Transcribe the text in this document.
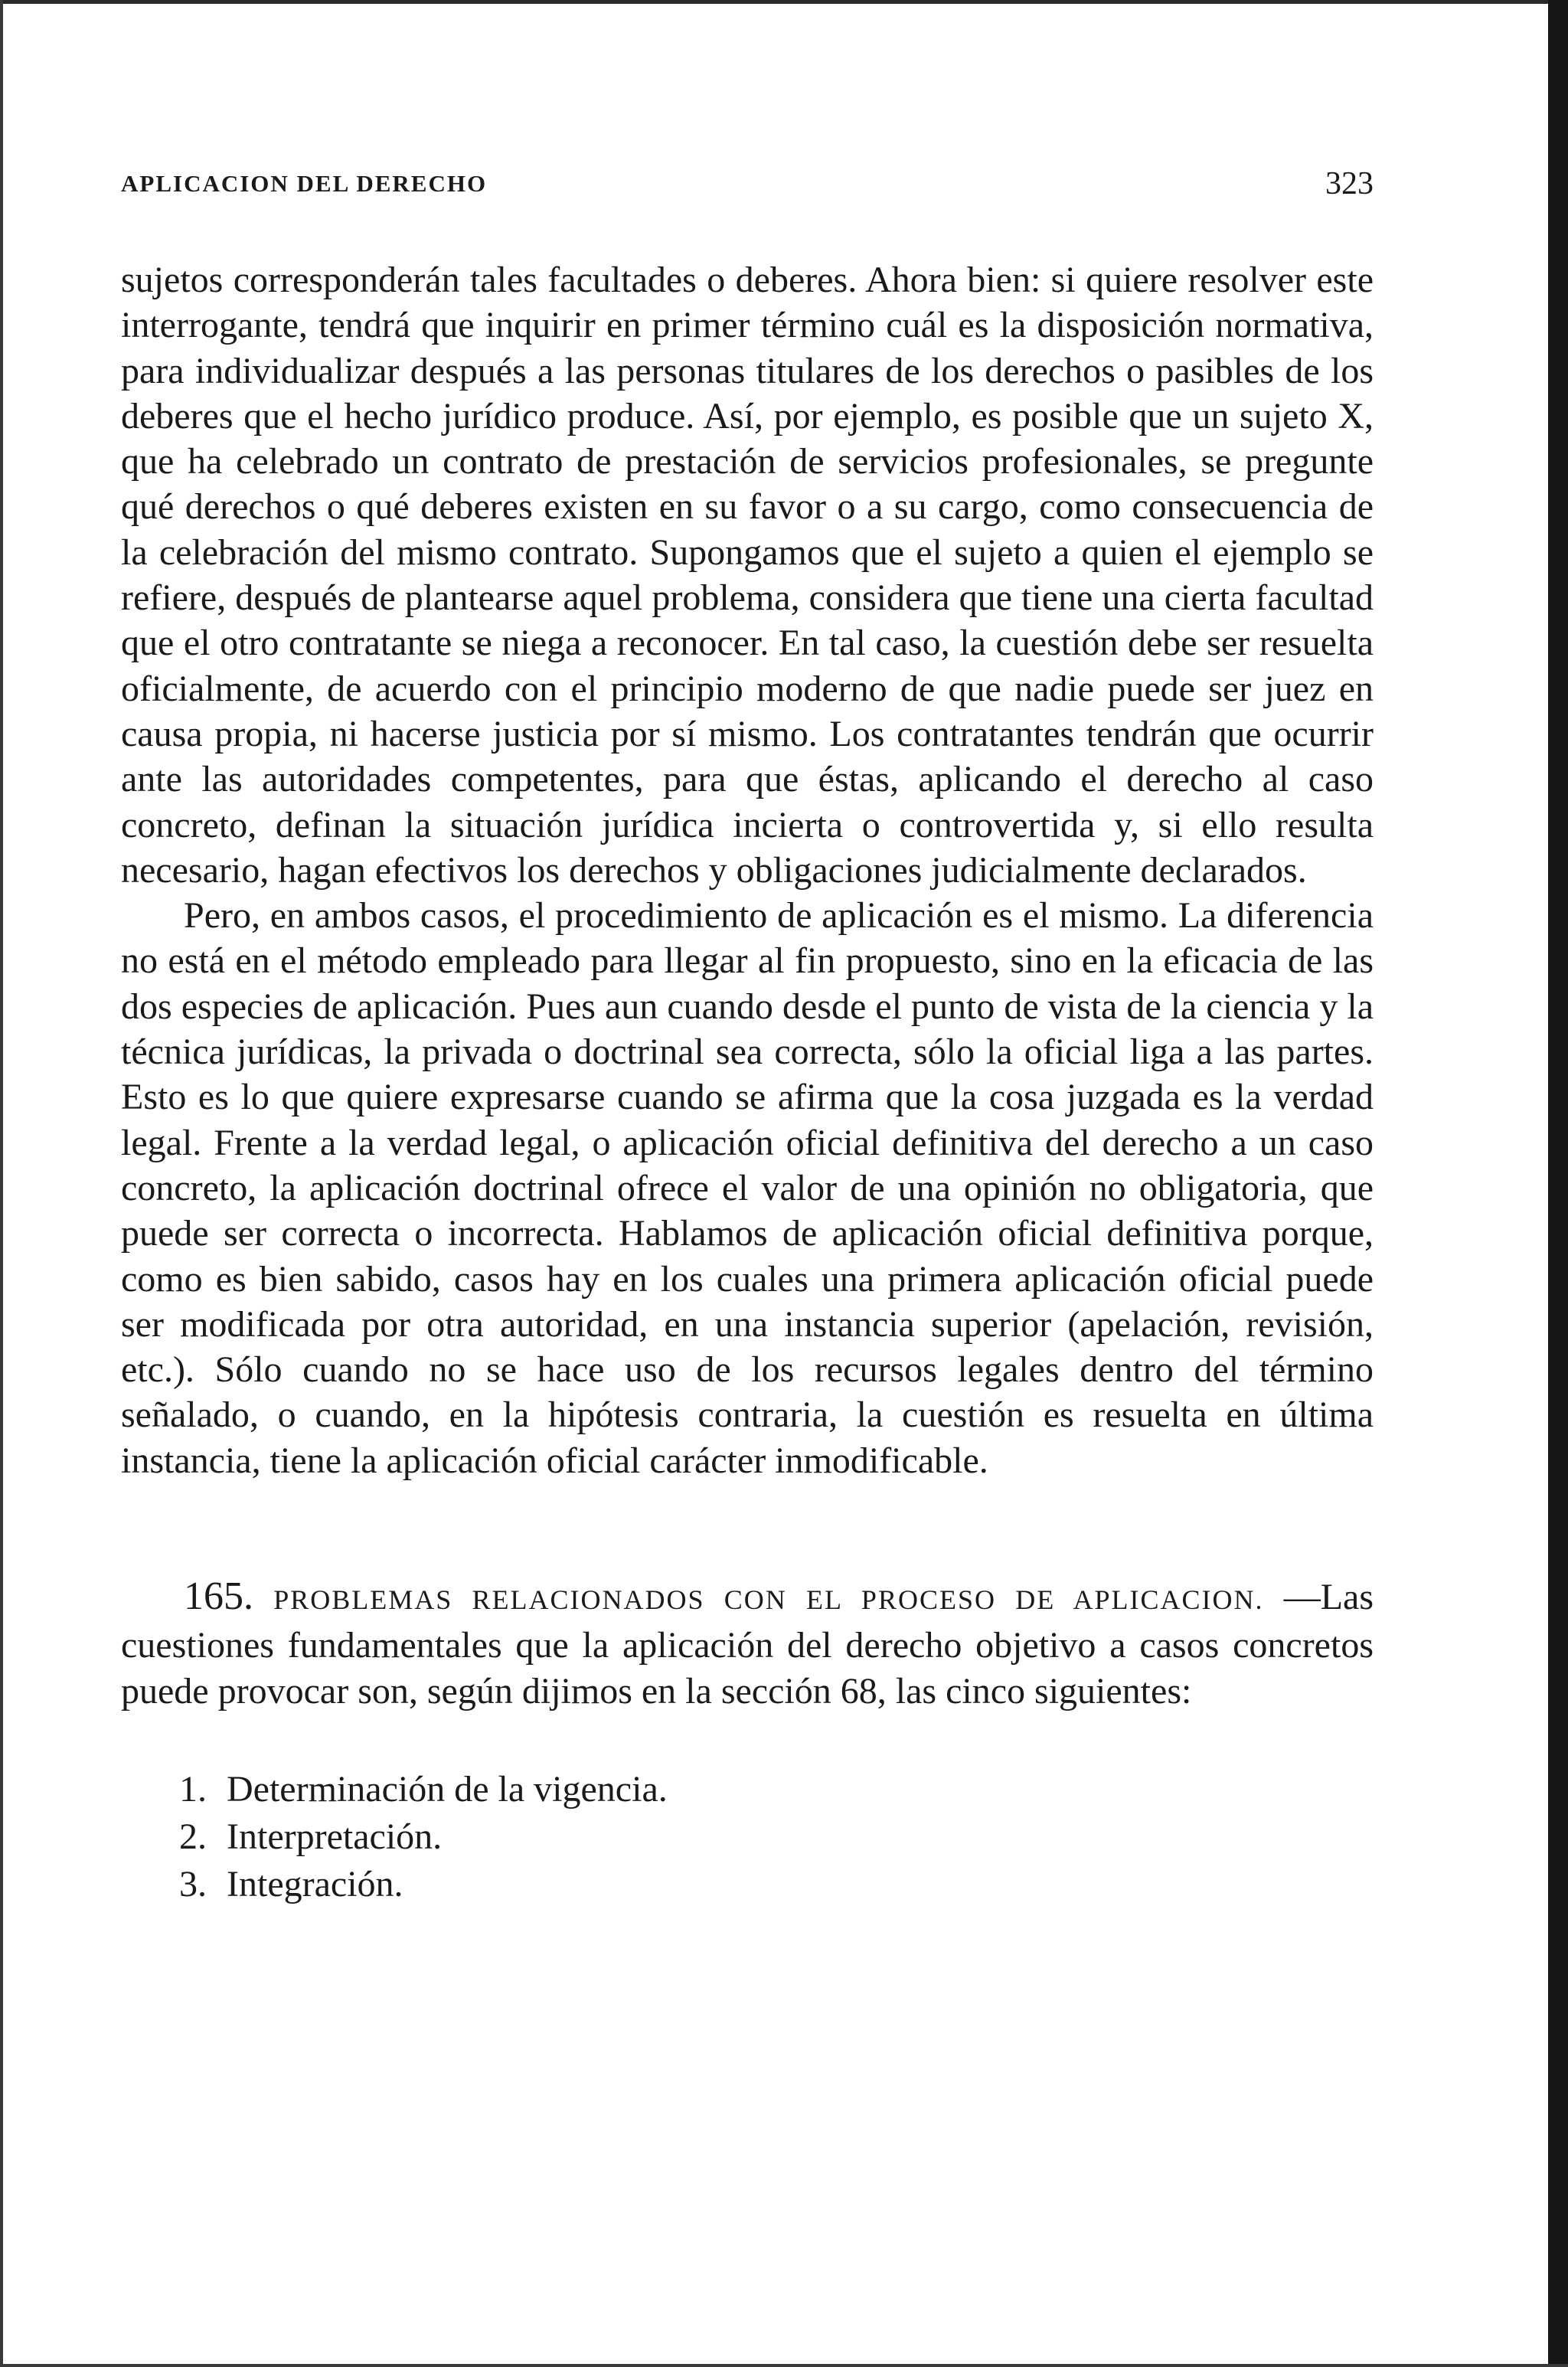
APLICACION DEL DERECHO	323

sujetos corresponderán tales facultades o deberes. Ahora bien: si quiere resolver este interrogante, tendrá que inquirir en primer término cuál es la disposición normativa, para individualizar después a las personas titulares de los derechos o pasibles de los deberes que el hecho jurídico produce. Así, por ejemplo, es posible que un sujeto X, que ha celebrado un contrato de prestación de servicios profesionales, se pregunte qué derechos o qué deberes existen en su favor o a su cargo, como consecuencia de la celebración del mismo contrato. Supongamos que el sujeto a quien el ejemplo se refiere, después de plantearse aquel problema, considera que tiene una cierta facultad que el otro contratante se niega a reconocer. En tal caso, la cuestión debe ser resuelta oficialmente, de acuerdo con el principio moderno de que nadie puede ser juez en causa propia, ni hacerse justicia por sí mismo. Los contratantes tendrán que ocurrir ante las autoridades competentes, para que éstas, aplicando el derecho al caso concreto, definan la situación jurídica incierta o controvertida y, si ello resulta necesario, hagan efectivos los derechos y obligaciones judicialmente declarados.

Pero, en ambos casos, el procedimiento de aplicación es el mismo. La diferencia no está en el método empleado para llegar al fin propuesto, sino en la eficacia de las dos especies de aplicación. Pues aun cuando desde el punto de vista de la ciencia y la técnica jurídicas, la privada o doctrinal sea correcta, sólo la oficial liga a las partes. Esto es lo que quiere expresarse cuando se afirma que la cosa juzgada es la verdad legal. Frente a la verdad legal, o aplicación oficial definitiva del derecho a un caso concreto, la aplicación doctrinal ofrece el valor de una opinión no obligatoria, que puede ser correcta o incorrecta. Hablamos de aplicación oficial definitiva porque, como es bien sabido, casos hay en los cuales una primera aplicación oficial puede ser modificada por otra autoridad, en una instancia superior (apelación, revisión, etc.). Sólo cuando no se hace uso de los recursos legales dentro del término señalado, o cuando, en la hipótesis contraria, la cuestión es resuelta en última instancia, tiene la aplicación oficial carácter inmodificable.

165. PROBLEMAS RELACIONADOS CON EL PROCESO DE APLICACION. —Las cuestiones fundamentales que la aplicación del derecho objetivo a casos concretos puede provocar son, según dijimos en la sección 68, las cinco siguientes:

1. Determinación de la vigencia.
2. Interpretación.
3. Integración.
